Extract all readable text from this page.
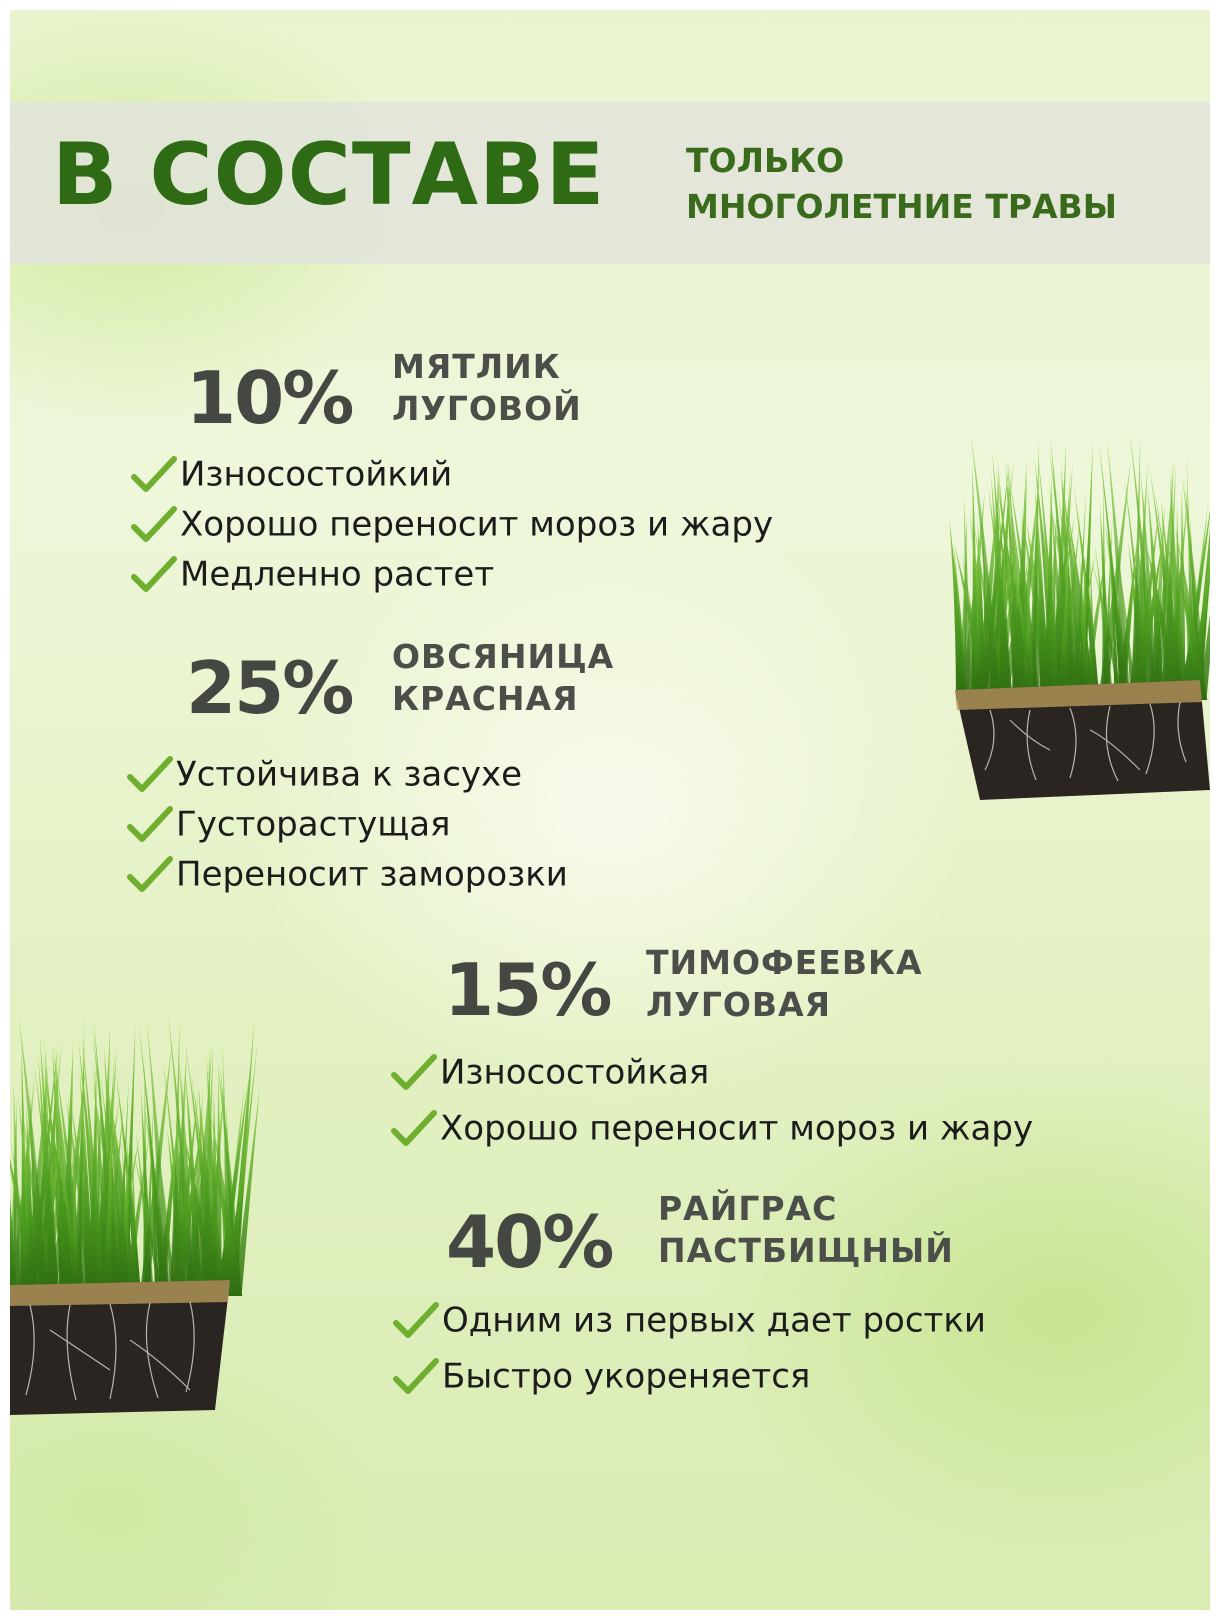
В СОСТАВЕ ТОЛЬКО
МНОГОЛЕТНИЕ ТРАВЫ
10% МЯТЛИК
ЛУГОВОЙ
Износостойкий
Хорошо переносит мороз и жару
Медленно растет
25% ОВСЯНИЦА
КРАСНАЯ
Устойчива к засухе
Густорастущая
Переносит заморозки
15% ТИМОФЕЕВКА
ЛУГОВАЯ
Износостойкая
Хорошо переносит мороз и жару
40% РАЙГРАС
ПАСТБИЩНЫЙ
Одним из первых дает ростки
Быстро укореняется
